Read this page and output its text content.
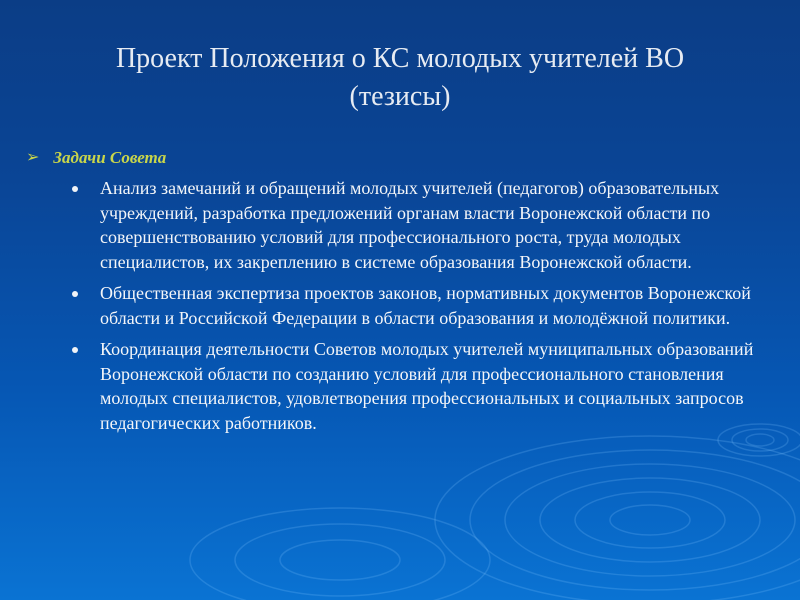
Проект Положения о КС молодых учителей ВО
(тезисы)
➢ Задачи Совета
Анализ замечаний и обращений молодых учителей (педагогов) образовательных учреждений, разработка предложений органам власти Воронежской области по совершенствованию условий для профессионального роста, труда молодых специалистов, их закреплению в системе образования Воронежской области.
Общественная экспертиза проектов законов, нормативных документов Воронежской области и Российской Федерации в области образования и молодёжной политики.
Координация деятельности Советов молодых учителей муниципальных образований Воронежской области по созданию условий для профессионального становления молодых специалистов, удовлетворения профессиональных и социальных запросов педагогических работников.
